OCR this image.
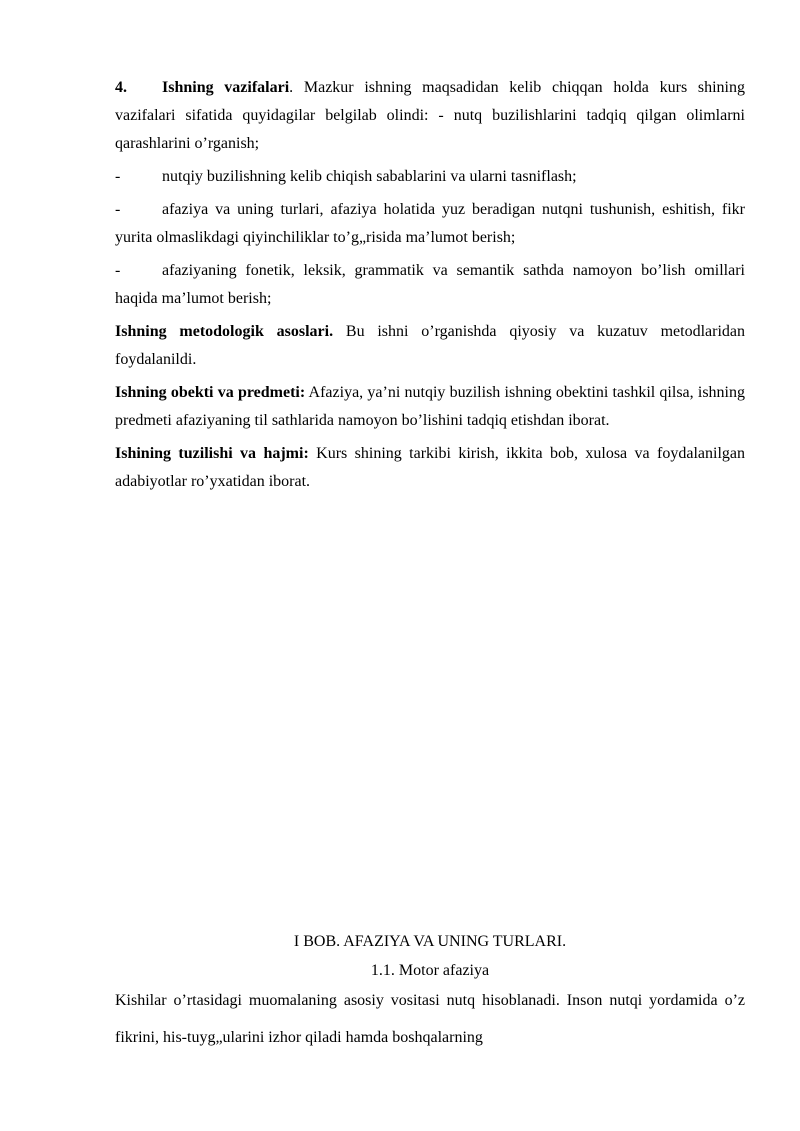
4. Ishning vazifalari. Mazkur ishning maqsadidan kelib chiqqan holda kurs shining vazifalari sifatida quyidagilar belgilab olindi: - nutq buzilishlarini tadqiq qilgan olimlarni qarashlarini o’rganish;

-	nutqiy buzilishning kelib chiqish sabablarini va ularni tasniflash;

-	afaziya va uning turlari, afaziya holatida yuz beradigan nutqni tushunish, eshitish, fikr yurita olmaslikdagi qiyinchiliklar to’g„risida ma’lumot berish;

-	afaziyaning fonetik, leksik, grammatik va semantik sathda namoyon bo’lish omillari haqida ma’lumot berish;

Ishning metodologik asoslari. Bu ishni o’rganishda qiyosiy va kuzatuv metodlaridan foydalanildi.

Ishning obekti va predmeti: Afaziya, ya’ni nutqiy buzilish ishning obektini tashkil qilsa, ishning predmeti afaziyaning til sathlarida namoyon bo’lishini tadqiq etishdan iborat.

Ishining tuzilishi va hajmi: Kurs shining tarkibi kirish, ikkita bob, xulosa va foydalanilgan adabiyotlar ro’yxatidan iborat.

I BOB. AFAZIYA VA UNING TURLARI.

1.1. Motor afaziya

Kishilar o’rtasidagi muomalaning asosiy vositasi nutq hisoblanadi. Inson nutqi yordamida o’z fikrini, his-tuyg„ularini izhor qiladi hamda boshqalarning
